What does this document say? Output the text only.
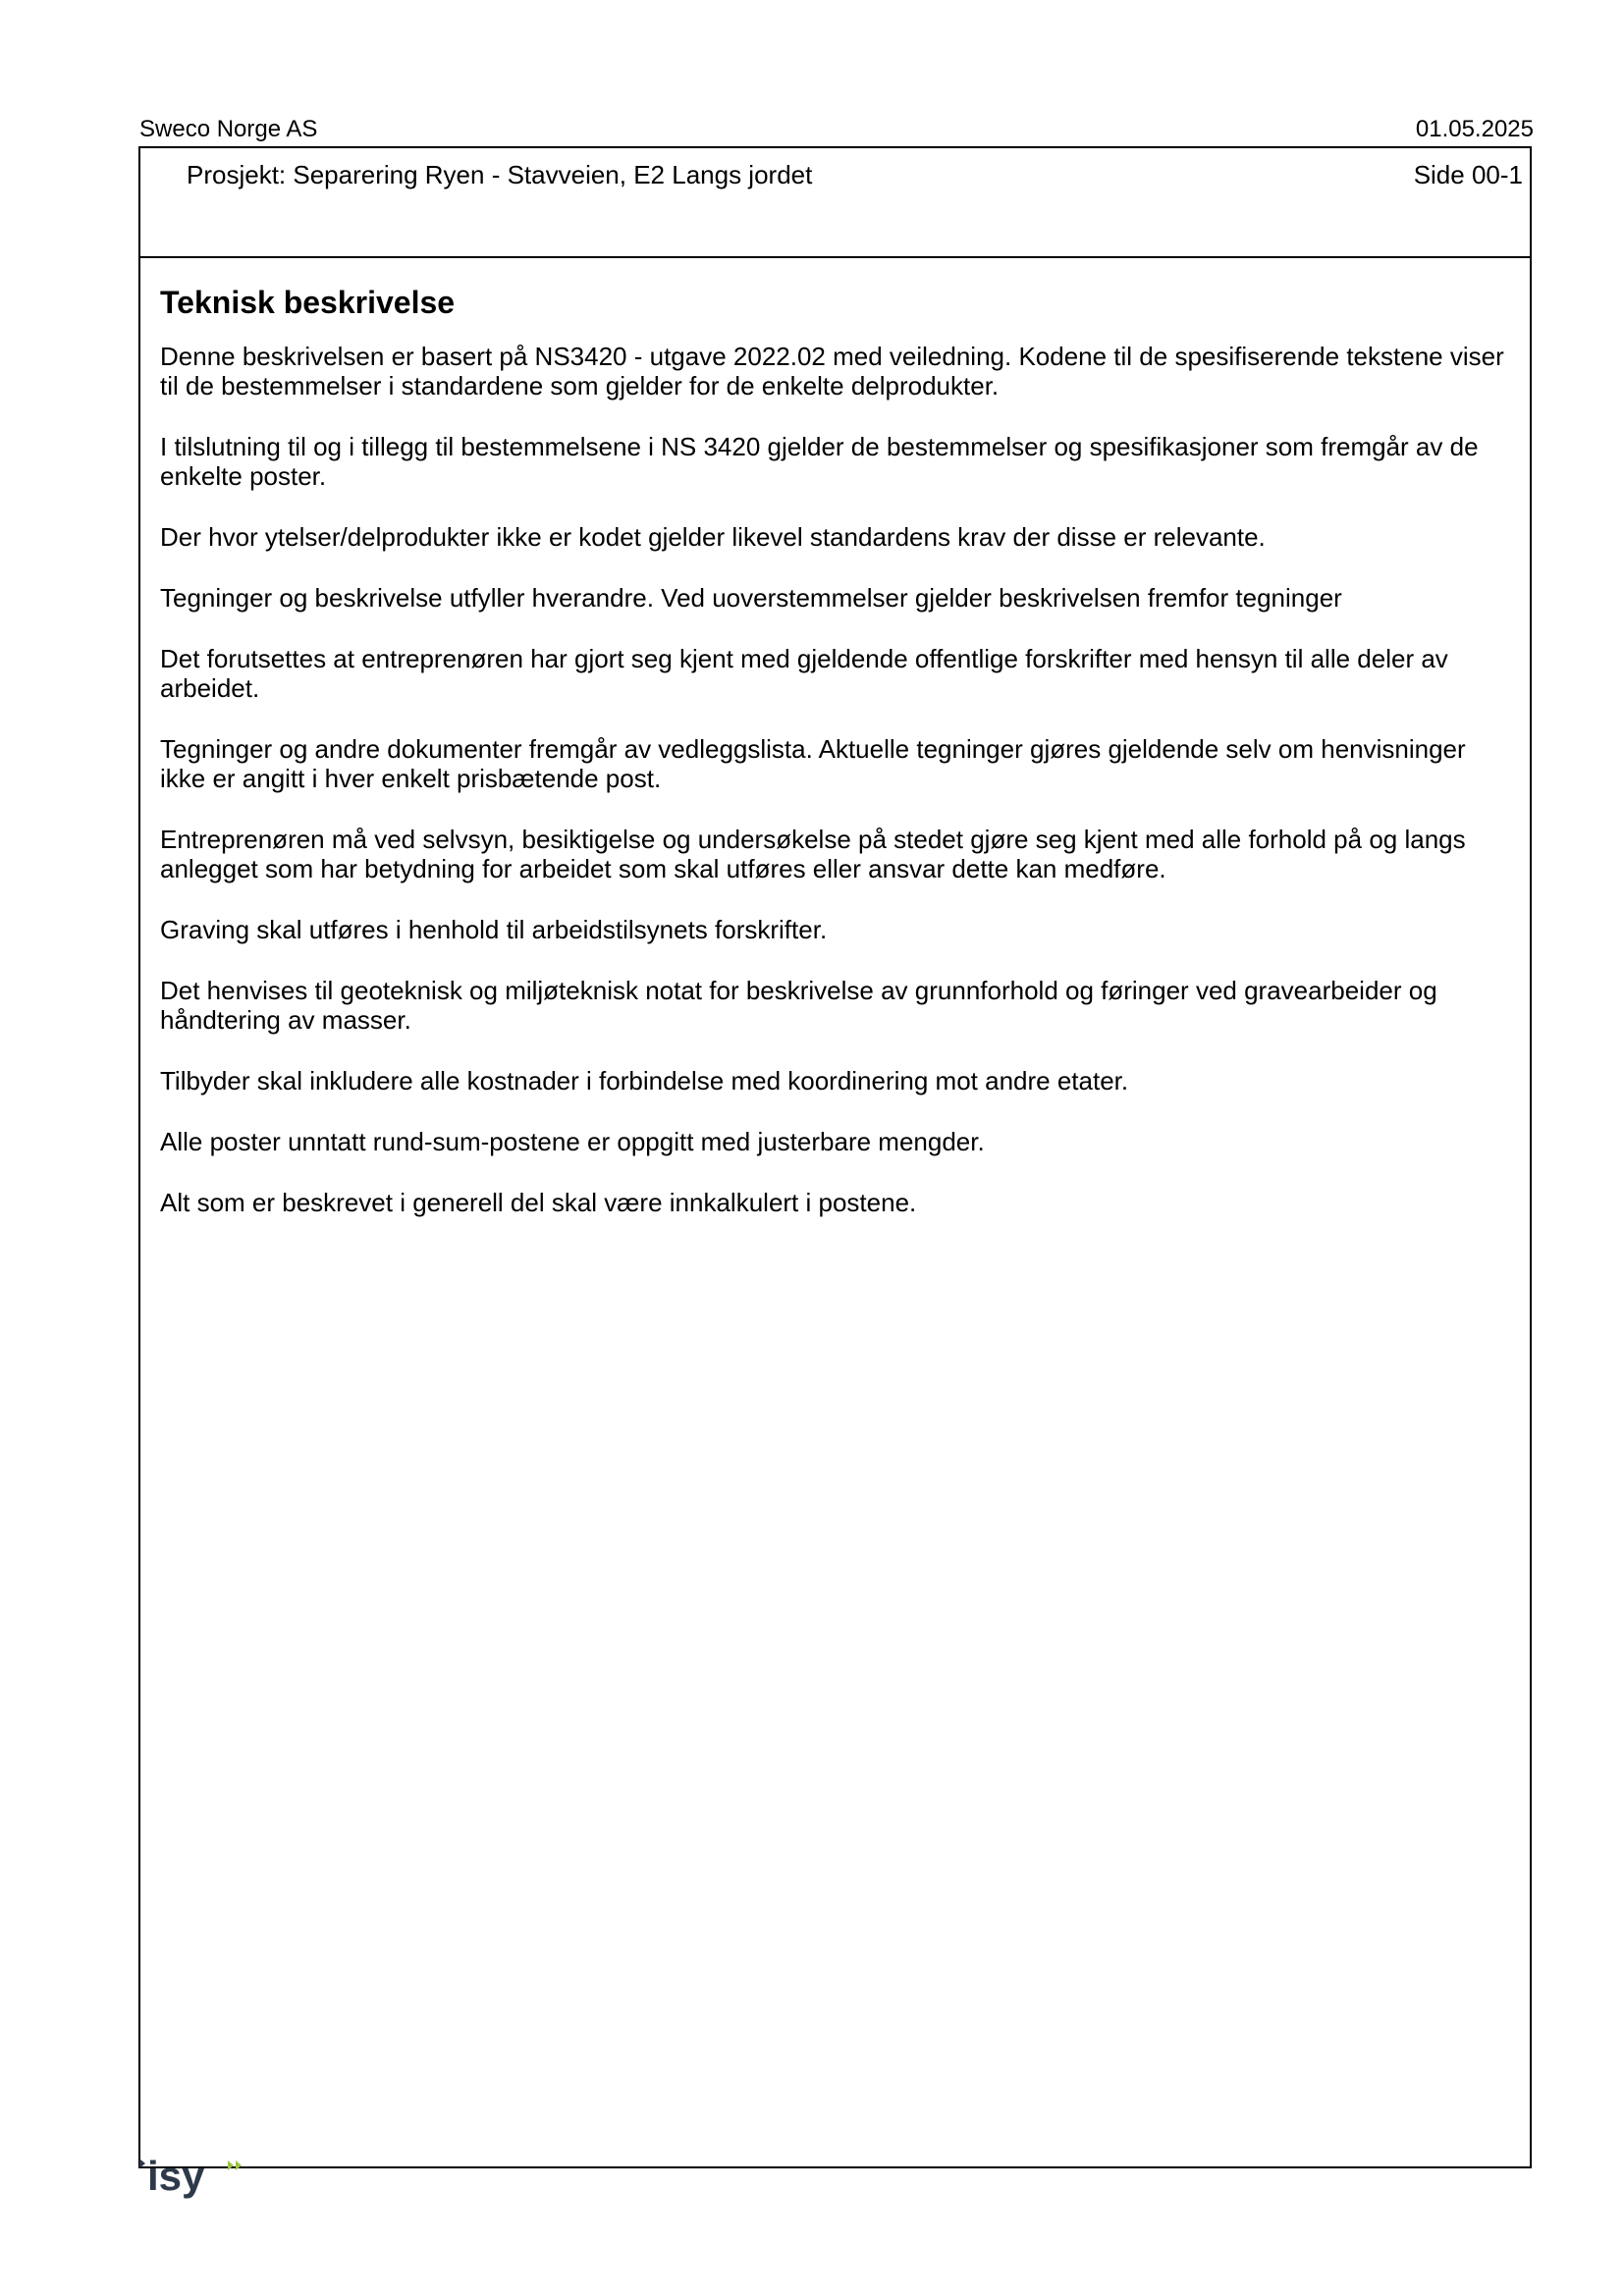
Sweco Norge AS	01.05.2025
Prosjekt: Separering Ryen - Stavveien, E2 Langs jordet	Side 00-1
Teknisk beskrivelse

Denne beskrivelsen er basert på NS3420 - utgave 2022.02 med veiledning. Kodene til de spesifiserende tekstene viser til de bestemmelser i standardene som gjelder for de enkelte delprodukter.

I tilslutning til og i tillegg til bestemmelsene i NS 3420 gjelder de bestemmelser og spesifikasjoner som fremgår av de enkelte poster.

Der hvor ytelser/delprodukter ikke er kodet gjelder likevel standardens krav der disse er relevante.

Tegninger og beskrivelse utfyller hverandre. Ved uoverstemmelser gjelder beskrivelsen fremfor tegninger

Det forutsettes at entreprenøren har gjort seg kjent med gjeldende offentlige forskrifter med hensyn til alle deler av arbeidet.

Tegninger og andre dokumenter fremgår av vedleggslista. Aktuelle tegninger gjøres gjeldende selv om henvisninger ikke er angitt i hver enkelt prisbætende post.

Entreprenøren må ved selvsyn, besiktigelse og undersøkelse på stedet gjøre seg kjent med alle forhold på og langs anlegget som har betydning for arbeidet som skal utføres eller ansvar dette kan medføre.

Graving skal utføres i henhold til arbeidstilsynets forskrifter.

Det henvises til geoteknisk og miljøteknisk notat for beskrivelse av grunnforhold og føringer ved gravearbeider og håndtering av masser.

Tilbyder skal inkludere alle kostnader i forbindelse med koordinering mot andre etater.

Alle poster unntatt rund-sum-postene er oppgitt med justerbare mengder.

Alt som er beskrevet i generell del skal være innkalkulert i postene.

isy
